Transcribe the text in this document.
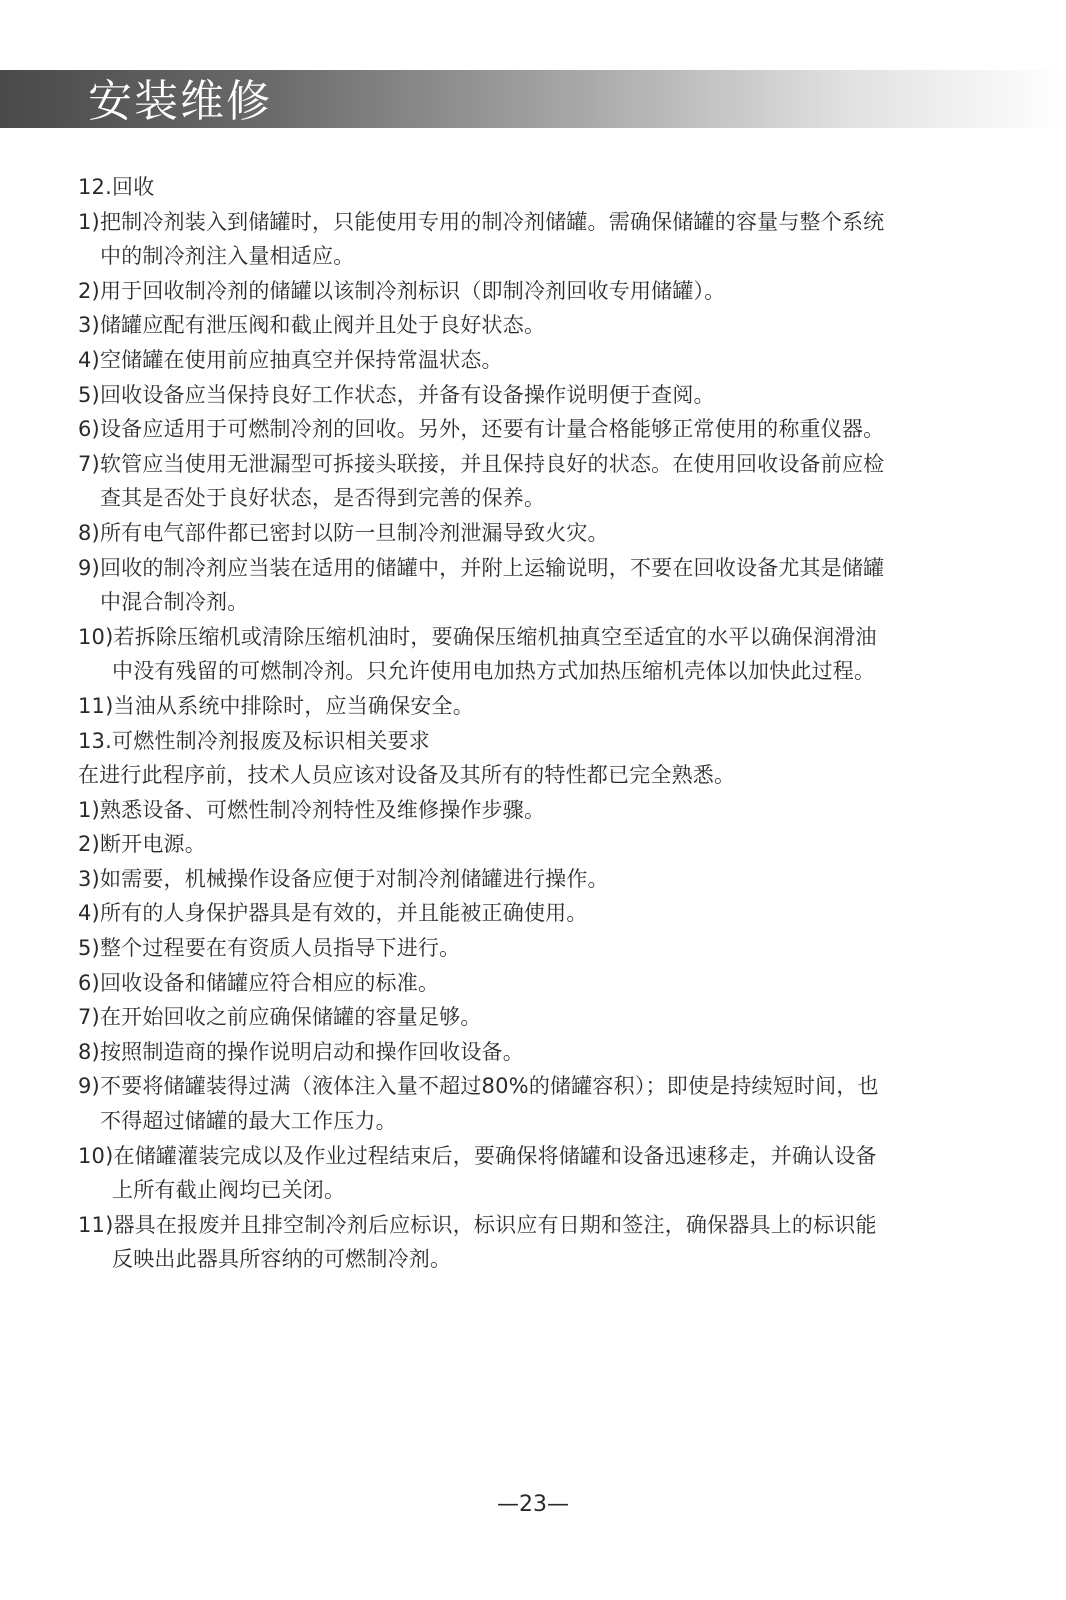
安装维修
12.回收
1)把制冷剂装入到储罐时，只能使用专用的制冷剂储罐。需确保储罐的容量与整个系统
中的制冷剂注入量相适应。
2)用于回收制冷剂的储罐以该制冷剂标识（即制冷剂回收专用储罐）。
3)储罐应配有泄压阀和截止阀并且处于良好状态。
4)空储罐在使用前应抽真空并保持常温状态。
5)回收设备应当保持良好工作状态，并备有设备操作说明便于查阅。
6)设备应适用于可燃制冷剂的回收。另外，还要有计量合格能够正常使用的称重仪器。
7)软管应当使用无泄漏型可拆接头联接，并且保持良好的状态。在使用回收设备前应检
查其是否处于良好状态，是否得到完善的保养。
8)所有电气部件都已密封以防一旦制冷剂泄漏导致火灾。
9)回收的制冷剂应当装在适用的储罐中，并附上运输说明，不要在回收设备尤其是储罐
中混合制冷剂。
10)若拆除压缩机或清除压缩机油时，要确保压缩机抽真空至适宜的水平以确保润滑油
中没有残留的可燃制冷剂。只允许使用电加热方式加热压缩机壳体以加快此过程。
11)当油从系统中排除时，应当确保安全。
13.可燃性制冷剂报废及标识相关要求
在进行此程序前，技术人员应该对设备及其所有的特性都已完全熟悉。
1)熟悉设备、可燃性制冷剂特性及维修操作步骤。
2)断开电源。
3)如需要，机械操作设备应便于对制冷剂储罐进行操作。
4)所有的人身保护器具是有效的，并且能被正确使用。
5)整个过程要在有资质人员指导下进行。
6)回收设备和储罐应符合相应的标准。
7)在开始回收之前应确保储罐的容量足够。
8)按照制造商的操作说明启动和操作回收设备。
9)不要将储罐装得过满（液体注入量不超过80%的储罐容积）；即使是持续短时间，也
不得超过储罐的最大工作压力。
10)在储罐灌装完成以及作业过程结束后，要确保将储罐和设备迅速移走，并确认设备
上所有截止阀均已关闭。
11)器具在报废并且排空制冷剂后应标识，标识应有日期和签注，确保器具上的标识能
反映出此器具所容纳的可燃制冷剂。
—23—
